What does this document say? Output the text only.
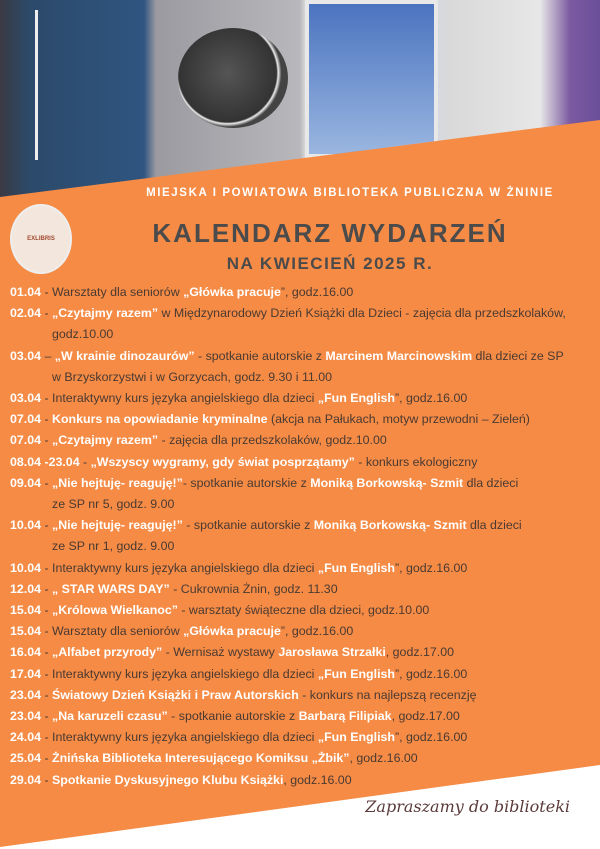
EXLIBRIS
MIEJSKA I POWIATOWA BIBLIOTEKA PUBLICZNA W ŻNINIE
KALENDARZ WYDARZEŃ
NA KWIECIEŃ 2025 R.
01.04 - Warsztaty dla seniorów „Główka pracuje”, godz.16.00
02.04 - „Czytajmy razem” w Międzynarodowy Dzień Książki dla Dzieci - zajęcia dla przedszkolaków,
godz.10.00
03.04 – „W krainie dinozaurów” - spotkanie autorskie z Marcinem Marcinowskim dla dzieci ze SP
w Brzyskorzystwi i w Gorzycach, godz. 9.30 i 11.00
03.04 - Interaktywny kurs języka angielskiego dla dzieci „Fun English”, godz.16.00
07.04 - Konkurs na opowiadanie kryminalne (akcja na Pałukach, motyw przewodni – Zieleń)
07.04 - „Czytajmy razem” - zajęcia dla przedszkolaków, godz.10.00
08.04 -23.04 - „Wszyscy wygramy, gdy świat posprzątamy” - konkurs ekologiczny
09.04 - „Nie hejtuję- reaguję!”- spotkanie autorskie z Moniką Borkowską- Szmit dla dzieci
ze SP nr 5, godz. 9.00
10.04 - „Nie hejtuję- reaguję!” - spotkanie autorskie z Moniką Borkowską- Szmit dla dzieci
ze SP nr 1, godz. 9.00
10.04 - Interaktywny kurs języka angielskiego dla dzieci „Fun English”, godz.16.00
12.04 - „ STAR WARS DAY” - Cukrownia Żnin, godz. 11.30
15.04 - „Królowa Wielkanoc” - warsztaty świąteczne dla dzieci, godz.10.00
15.04 - Warsztaty dla seniorów „Główka pracuje”, godz.16.00
16.04 - „Alfabet przyrody” - Wernisaż wystawy Jarosława Strzałki, godz.17.00
17.04 - Interaktywny kurs języka angielskiego dla dzieci „Fun English”, godz.16.00
23.04 - Światowy Dzień Książki i Praw Autorskich - konkurs na najlepszą recenzję
23.04 - „Na karuzeli czasu” - spotkanie autorskie z Barbarą Filipiak, godz.17.00
24.04 - Interaktywny kurs języka angielskiego dla dzieci „Fun English”, godz.16.00
25.04 - Żnińska Biblioteka Interesującego Komiksu „Żbik”, godz.16.00
29.04 - Spotkanie Dyskusyjnego Klubu Książki, godz.16.00
Zapraszamy do biblioteki
